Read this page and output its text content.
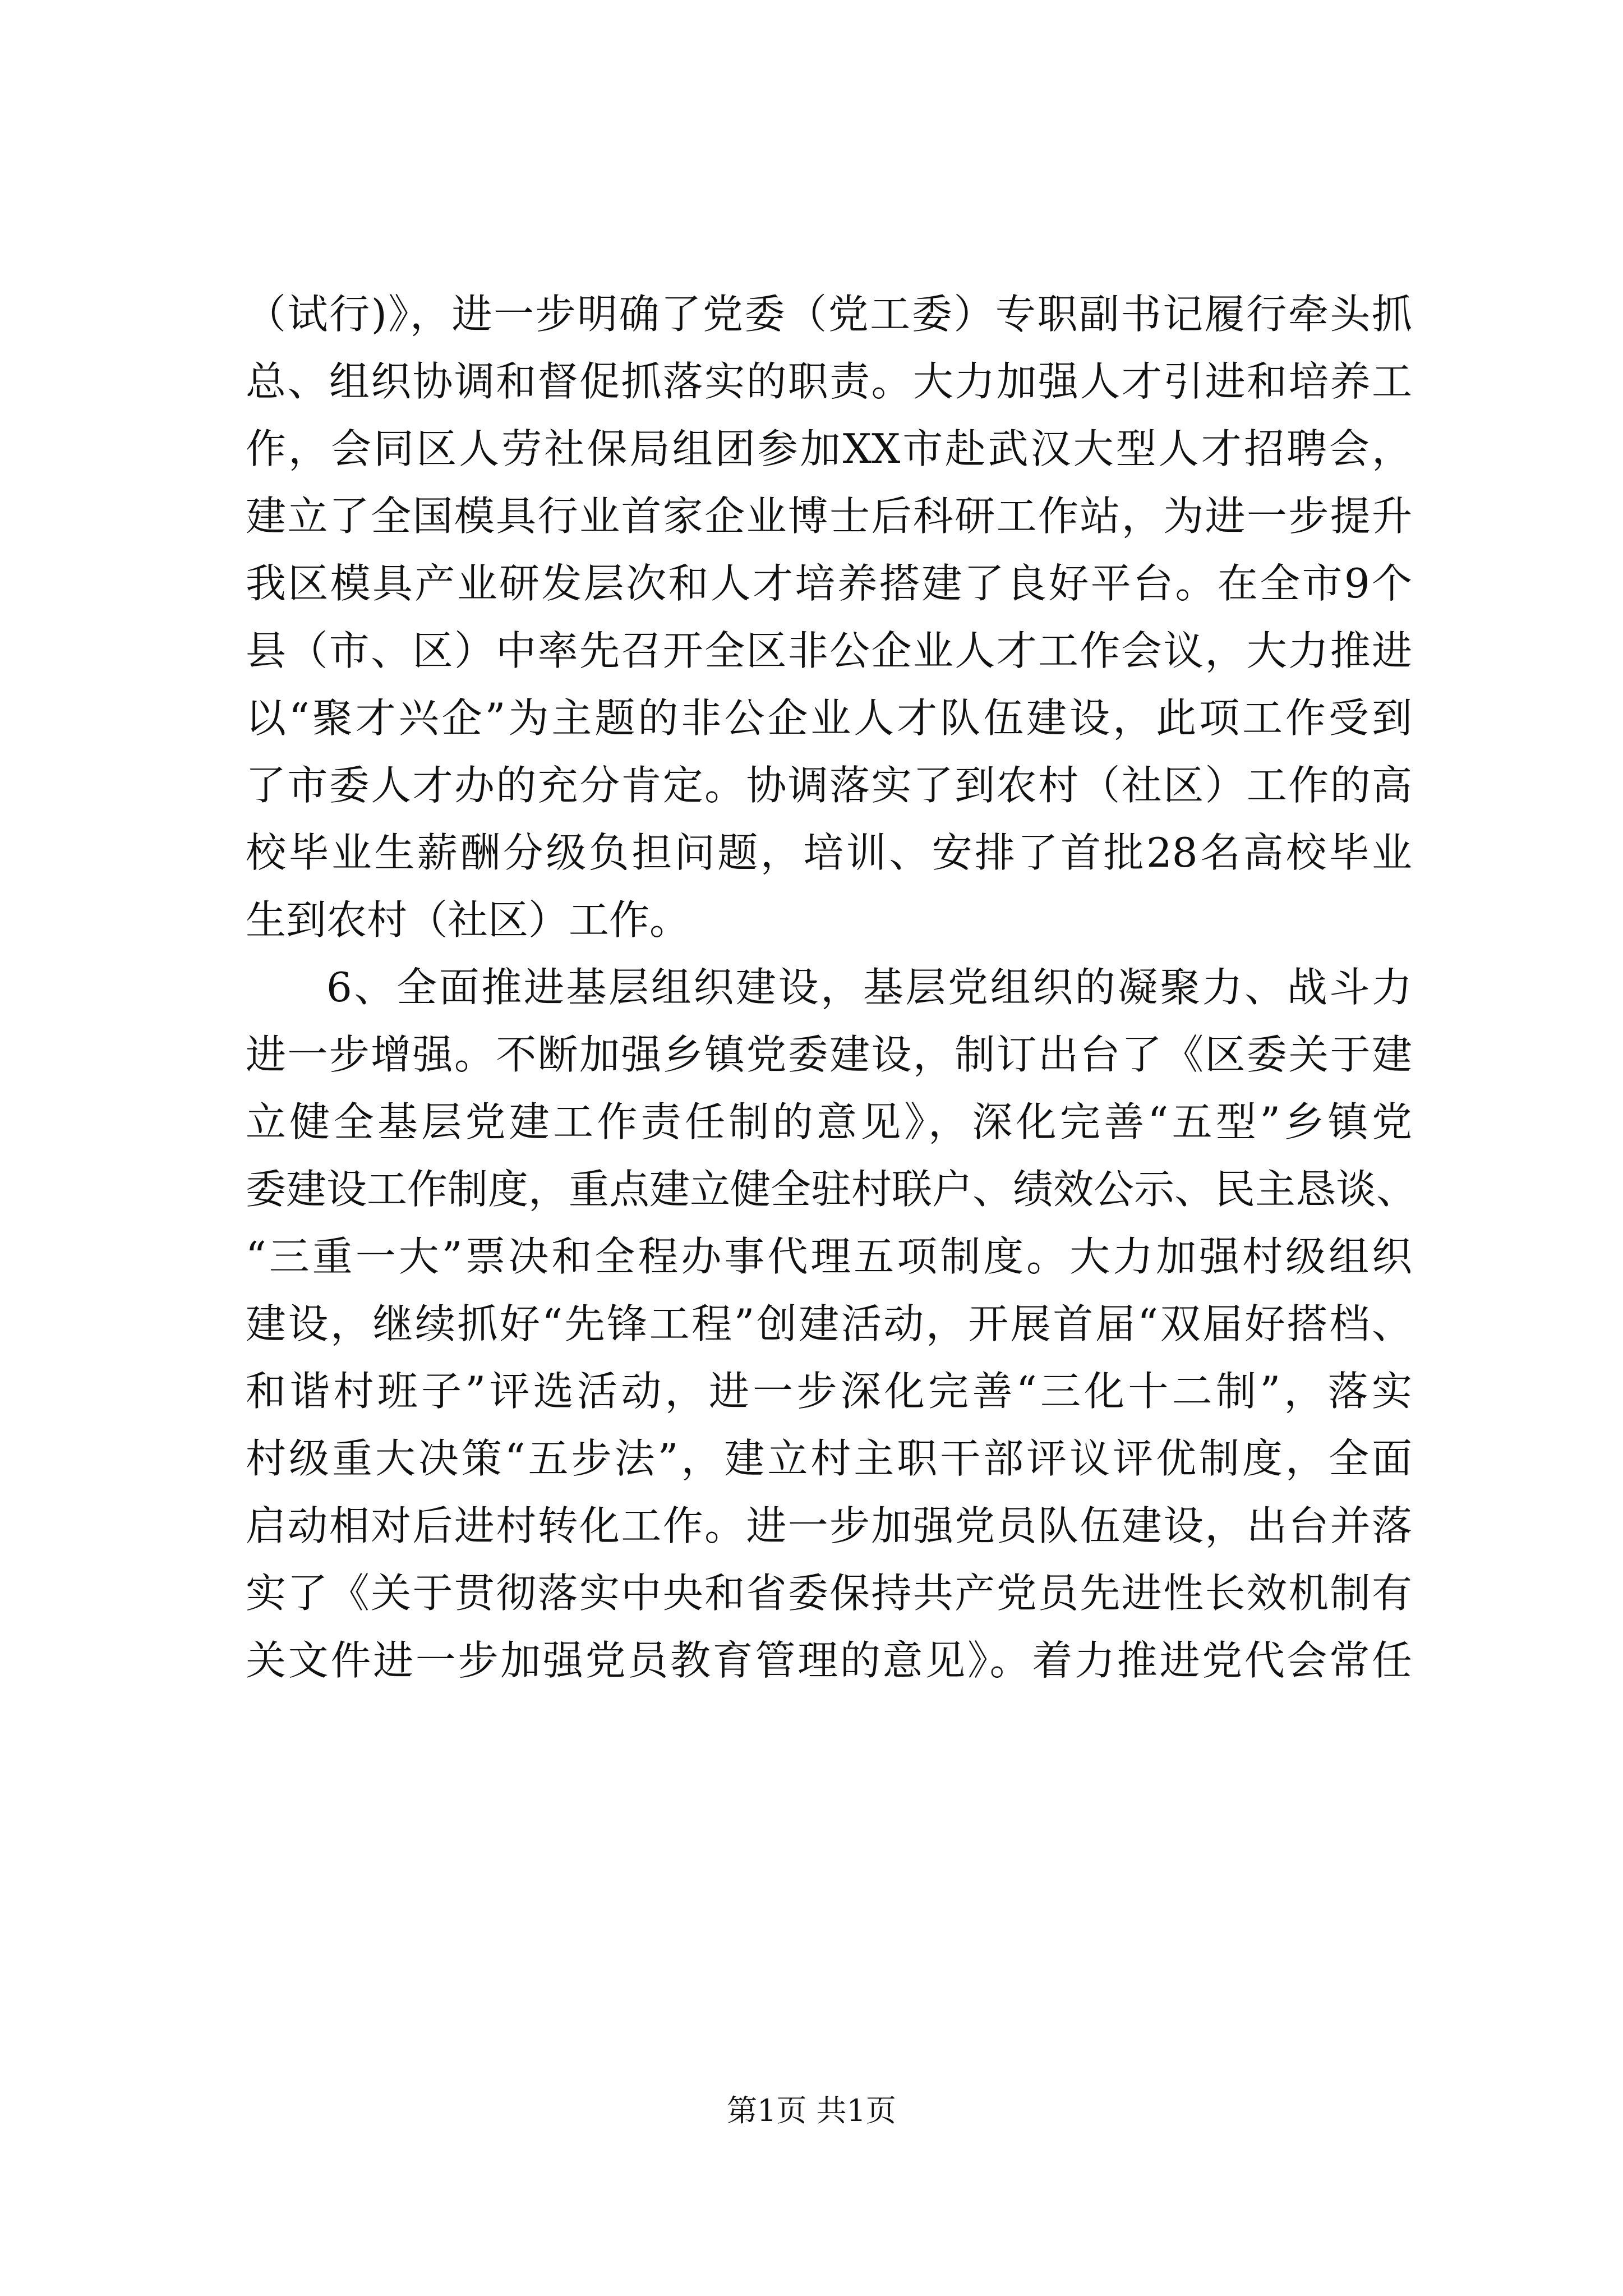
（试行)》，进一步明确了党委（党工委）专职副书记履行牵头抓
总、组织协调和督促抓落实的职责。大力加强人才引进和培养工
作，会同区人劳社保局组团参加XX市赴武汉大型人才招聘会，
建立了全国模具行业首家企业博士后科研工作站，为进一步提升
我区模具产业研发层次和人才培养搭建了良好平台。在全市9个
县（市、区）中率先召开全区非公企业人才工作会议，大力推进
以“聚才兴企”为主题的非公企业人才队伍建设，此项工作受到
了市委人才办的充分肯定。协调落实了到农村（社区）工作的高
校毕业生薪酬分级负担问题，培训、安排了首批28名高校毕业
生到农村（社区）工作。
6、全面推进基层组织建设，基层党组织的凝聚力、战斗力
进一步增强。不断加强乡镇党委建设，制订出台了《区委关于建
立健全基层党建工作责任制的意见》，深化完善“五型”乡镇党
委建设工作制度，重点建立健全驻村联户、绩效公示、民主恳谈、
“三重一大”票决和全程办事代理五项制度。大力加强村级组织
建设，继续抓好“先锋工程”创建活动，开展首届“双届好搭档、
和谐村班子”评选活动，进一步深化完善“三化十二制”，落实
村级重大决策“五步法”，建立村主职干部评议评优制度，全面
启动相对后进村转化工作。进一步加强党员队伍建设，出台并落
实了《关于贯彻落实中央和省委保持共产党员先进性长效机制有
关文件进一步加强党员教育管理的意见》。着力推进党代会常任
第1页 共1页
